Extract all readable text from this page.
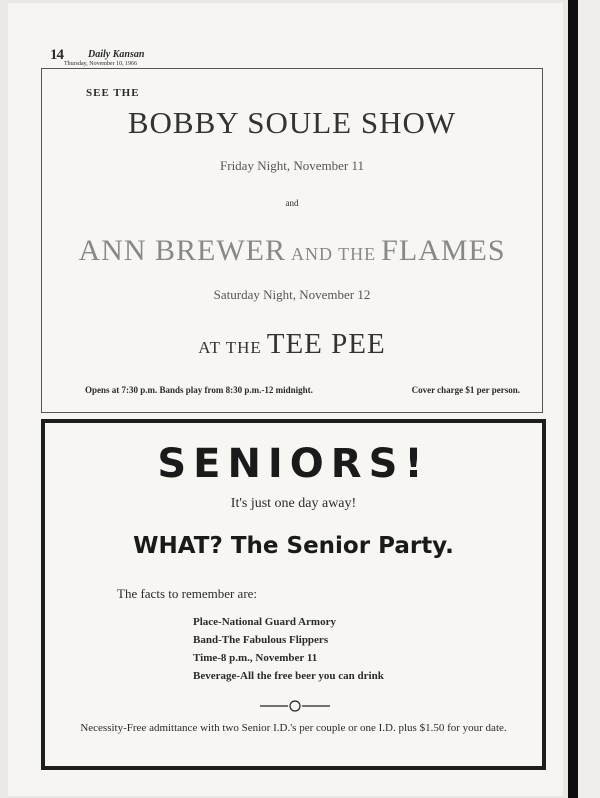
14	Daily Kansan
Thursday, November 10, 1966
SEE THE
BOBBY SOULE SHOW
Friday Night, November 11
and
ANN BREWER AND THE FLAMES
Saturday Night, November 12
AT THE TEE PEE
Opens at 7:30 p.m. Bands play from 8:30 p.m.-12 midnight.	Cover charge $1 per person.
SENIORS!
It's just one day away!
WHAT? The Senior Party.
The facts to remember are:
Place-National Guard Armory
Band-The Fabulous Flippers
Time-8 p.m., November 11
Beverage-All the free beer you can drink
Necessity-Free admittance with two Senior I.D.'s per couple or one I.D. plus $1.50 for your date.
